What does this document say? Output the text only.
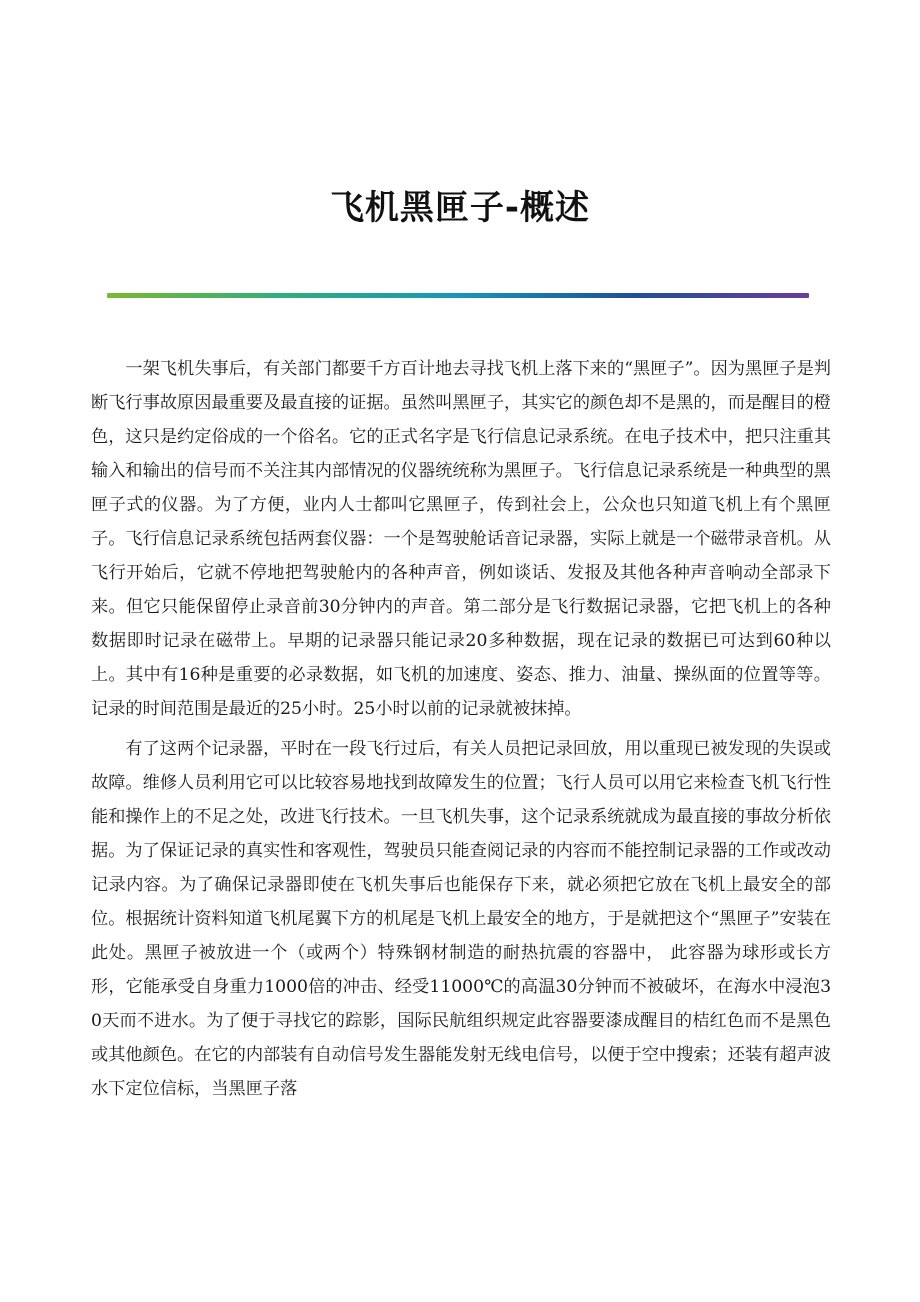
飞机黑匣子-概述

一架飞机失事后，有关部门都要千方百计地去寻找飞机上落下来的“黑匣子”。因为黑匣子是判断飞行事故原因最重要及最直接的证据。虽然叫黑匣子，其实它的颜色却不是黑的，而是醒目的橙色，这只是约定俗成的一个俗名。它的正式名字是飞行信息记录系统。在电子技术中，把只注重其输入和输出的信号而不关注其内部情况的仪器统统称为黑匣子。飞行信息记录系统是一种典型的黑匣子式的仪器。为了方便，业内人士都叫它黑匣子，传到社会上，公众也只知道飞机上有个黑匣子。飞行信息记录系统包括两套仪器：一个是驾驶舱话音记录器，实际上就是一个磁带录音机。从飞行开始后，它就不停地把驾驶舱内的各种声音，例如谈话、发报及其他各种声音响动全部录下来。但它只能保留停止录音前30分钟内的声音。第二部分是飞行数据记录器，它把飞机上的各种数据即时记录在磁带上。早期的记录器只能记录20多种数据，现在记录的数据已可达到60种以上。其中有16种是重要的必录数据，如飞机的加速度、姿态、推力、油量、操纵面的位置等等。记录的时间范围是最近的25小时。25小时以前的记录就被抹掉。

有了这两个记录器，平时在一段飞行过后，有关人员把记录回放，用以重现已被发现的失误或故障。维修人员利用它可以比较容易地找到故障发生的位置；飞行人员可以用它来检查飞机飞行性能和操作上的不足之处，改进飞行技术。一旦飞机失事，这个记录系统就成为最直接的事故分析依据。为了保证记录的真实性和客观性，驾驶员只能查阅记录的内容而不能控制记录器的工作或改动记录内容。为了确保记录器即使在飞机失事后也能保存下来，就必须把它放在飞机上最安全的部位。根据统计资料知道飞机尾翼下方的机尾是飞机上最安全的地方，于是就把这个“黑匣子”安装在此处。黑匣子被放进一个（或两个）特殊钢材制造的耐热抗震的容器中， 此容器为球形或长方形，它能承受自身重力1000倍的冲击、经受11000℃的高温30分钟而不被破坏，在海水中浸泡30天而不进水。为了便于寻找它的踪影，国际民航组织规定此容器要漆成醒目的桔红色而不是黑色或其他颜色。在它的内部装有自动信号发生器能发射无线电信号，以便于空中搜索；还装有超声波水下定位信标，当黑匣子落
